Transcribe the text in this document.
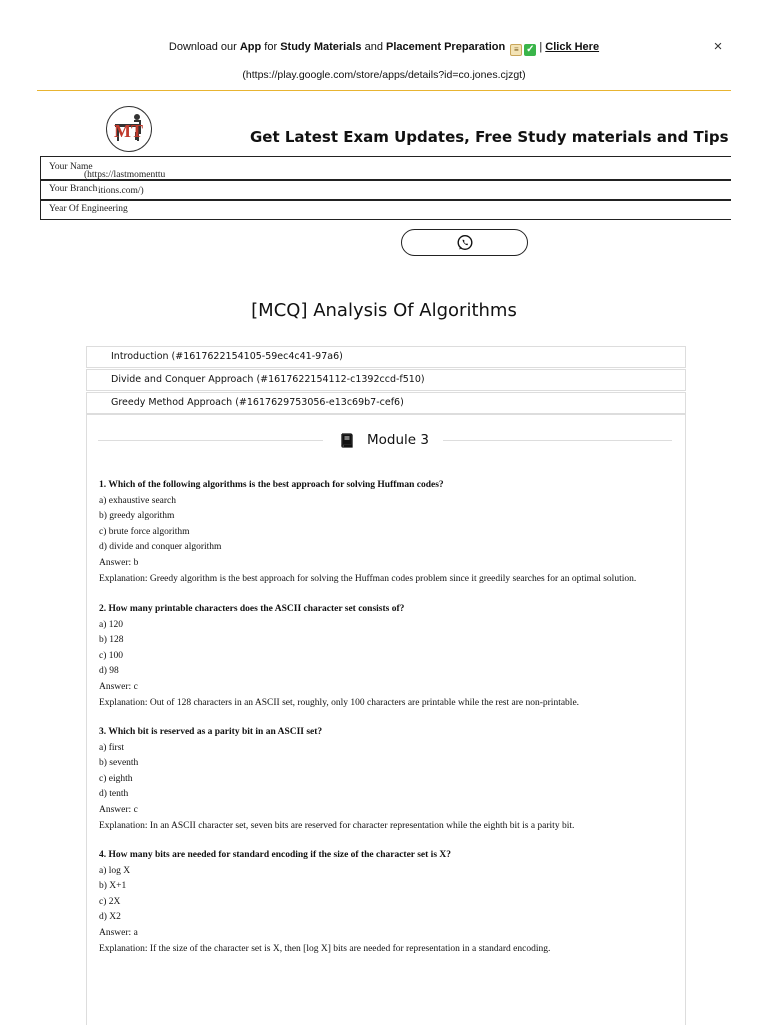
Download our App for Study Materials and Placement Preparation ≡ ✓ | Click Here
(https://play.google.com/store/apps/details?id=co.jones.cjzgt)
×
MT	Get Latest Exam Updates, Free Study materials and Tips
Your Name
Your Branch
Year Of Engineering
(https://lastmomenttu
itions.com/)
[MCQ] Analysis Of Algorithms
Introduction (#1617622154105-59ec4c41-97a6)
Divide and Conquer Approach (#1617622154112-c1392ccd-f510)
Greedy Method Approach (#1617629753056-e13c69b7-cef6)
Module 3
1. Which of the following algorithms is the best approach for solving Huffman codes?
a) exhaustive search
b) greedy algorithm
c) brute force algorithm
d) divide and conquer algorithm
Answer: b
Explanation: Greedy algorithm is the best approach for solving the Huffman codes problem since it greedily searches for an optimal solution.
2. How many printable characters does the ASCII character set consists of?
a) 120
b) 128
c) 100
d) 98
Answer: c
Explanation: Out of 128 characters in an ASCII set, roughly, only 100 characters are printable while the rest are non-printable.
3. Which bit is reserved as a parity bit in an ASCII set?
a) first
b) seventh
c) eighth
d) tenth
Answer: c
Explanation: In an ASCII character set, seven bits are reserved for character representation while the eighth bit is a parity bit.
4. How many bits are needed for standard encoding if the size of the character set is X?
a) log X
b) X+1
c) 2X
d) X2
Answer: a
Explanation: If the size of the character set is X, then [log X] bits are needed for representation in a standard encoding.
